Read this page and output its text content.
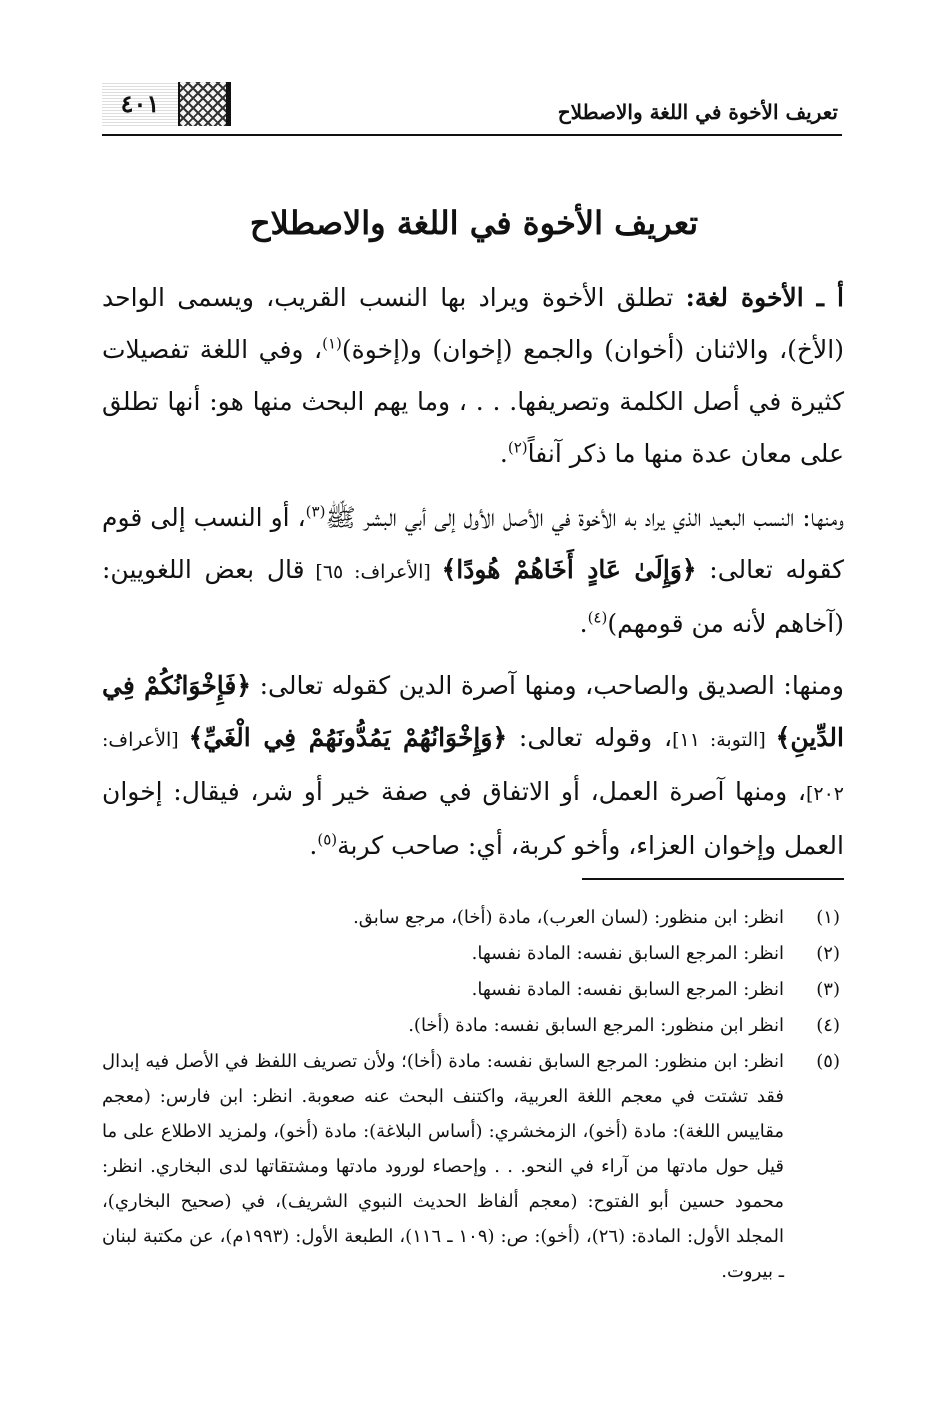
تعريف الأخوة في اللغة والاصطلاح
٤٠١
تعريف الأخوة في اللغة والاصطلاح

أ ـ الأخوة لغة: تطلق الأخوة ويراد بها النسب القريب، ويسمى الواحد (الأخ)، والاثنان (أخوان) والجمع (إخوان) و(إخوة)$^{(١)}$، وفي اللغة تفصيلات كثيرة في أصل الكلمة وتصريفها. . . ، وما يهم البحث منها هو: أنها تطلق على معان عدة منها ما ذكر آنفاً$^{(٢)}$.

ومنها: النسب البعيد الذي يراد به الأخوة في الأصل الأول إلى أبي البشر ﷺ$^{(٣)}$، أو النسب إلى قوم كقوله تعالى: ﴿وَإِلَىٰ عَادٍ أَخَاهُمْ هُودًا﴾ [الأعراف: ٦٥] قال بعض اللغويين: (آخاهم لأنه من قومهم)$^{(٤)}$.

ومنها: الصديق والصاحب، ومنها آصرة الدين كقوله تعالى: ﴿فَإِخْوَانُكُمْ فِي الدِّينِ﴾ [التوبة: ١١]، وقوله تعالى: ﴿وَإِخْوَانُهُمْ يَمُدُّونَهُمْ فِي الْغَيِّ﴾ [الأعراف: ٢٠٢]، ومنها آصرة العمل، أو الاتفاق في صفة خير أو شر، فيقال: إخوان العمل وإخوان العزاء، وأخو كربة، أي: صاحب كربة$^{(٥)}$.

(١)
انظر: ابن منظور: (لسان العرب)، مادة (أخا)، مرجع سابق.
(٢)
انظر: المرجع السابق نفسه: المادة نفسها.
(٣)
انظر: المرجع السابق نفسه: المادة نفسها.
(٤)
انظر ابن منظور: المرجع السابق نفسه: مادة (أخا).
(٥)
انظر: ابن منظور: المرجع السابق نفسه: مادة (أخا)؛ ولأن تصريف اللفظ في الأصل فيه إبدال فقد تشتت في معجم اللغة العربية، واكتنف البحث عنه صعوبة. انظر: ابن فارس: (معجم مقاييس اللغة): مادة (أخو)، الزمخشري: (أساس البلاغة): مادة (أخو)، ولمزيد الاطلاع على ما قيل حول مادتها من آراء في النحو. . . وإحصاء لورود مادتها ومشتقاتها لدى البخاري. انظر: محمود حسين أبو الفتوح: (معجم ألفاظ الحديث النبوي الشريف)، في (صحيح البخاري)، المجلد الأول: المادة: (٢٦)، (أخو): ص: (١٠٩ ـ ١١٦)، الطبعة الأول: (١٩٩٣م)، عن مكتبة لبنان ـ بيروت.
